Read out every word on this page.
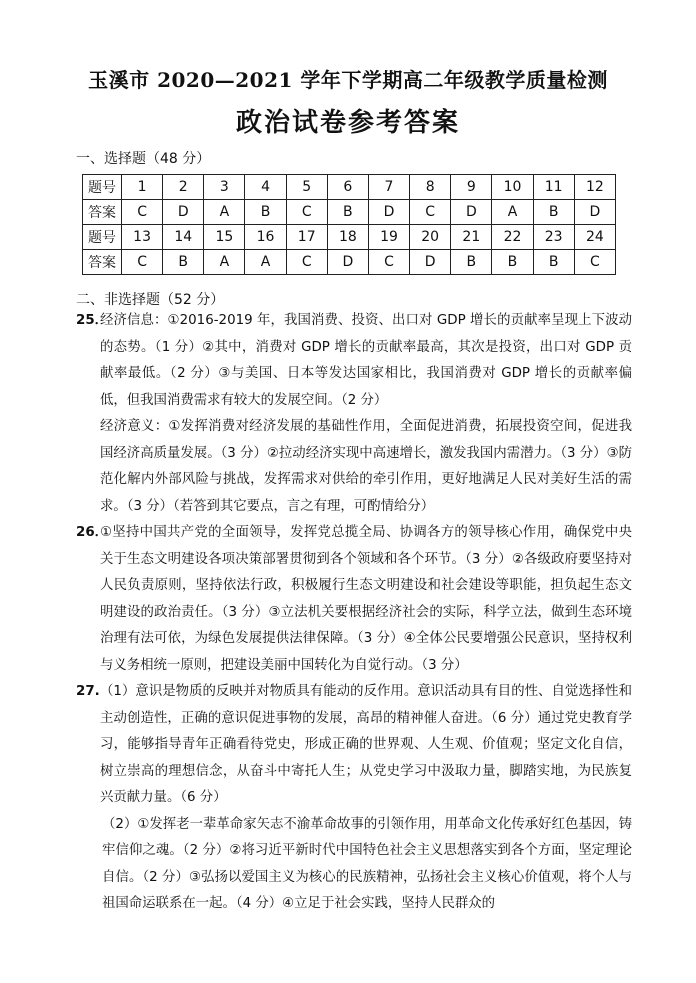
玉溪市 2020—2021 学年下学期高二年级教学质量检测
政治试卷参考答案
一、选择题（48 分）
题号	1	2	3	4	5	6	7	8	9	10	11	12
答案	C	D	A	B	C	B	D	C	D	A	B	D
题号	13	14	15	16	17	18	19	20	21	22	23	24
答案	C	B	A	A	C	D	C	D	B	B	B	C
二、非选择题（52 分）
25．
经济信息：①2016-2019 年，我国消费、投资、出口对 GDP 增长的贡献率呈现上下波动的态势。（1 分）②其中，消费对 GDP 增长的贡献率最高，其次是投资，出口对 GDP 贡献率最低。（2 分）③与美国、日本等发达国家相比，我国消费对 GDP 增长的贡献率偏低，但我国消费需求有较大的发展空间。（2 分）
经济意义：①发挥消费对经济发展的基础性作用，全面促进消费，拓展投资空间，促进我国经济高质量发展。（3 分）②拉动经济实现中高速增长，激发我国内需潜力。（3 分）③防范化解内外部风险与挑战，发挥需求对供给的牵引作用，更好地满足人民对美好生活的需求。（3 分）（若答到其它要点，言之有理，可酌情给分）
26．
①坚持中国共产党的全面领导，发挥党总揽全局、协调各方的领导核心作用，确保党中央关于生态文明建设各项决策部署贯彻到各个领域和各个环节。（3 分）②各级政府要坚持对人民负责原则，坚持依法行政，积极履行生态文明建设和社会建设等职能，担负起生态文明建设的政治责任。（3 分）③立法机关要根据经济社会的实际，科学立法，做到生态环境治理有法可依，为绿色发展提供法律保障。（3 分）④全体公民要增强公民意识，坚持权利与义务相统一原则，把建设美丽中国转化为自觉行动。（3 分）
27. （1）意识是物质的反映并对物质具有能动的反作用。意识活动具有目的性、自觉选择性和主动创造性，正确的意识促进事物的发展，高昂的精神催人奋进。（6 分）通过党史教育学习，能够指导青年正确看待党史，形成正确的世界观、人生观、价值观；坚定文化自信，树立崇高的理想信念，从奋斗中寄托人生；从党史学习中汲取力量，脚踏实地，为民族复兴贡献力量。（6 分）
（2）①发挥老一辈革命家矢志不渝革命故事的引领作用，用革命文化传承好红色基因，铸牢信仰之魂。（2 分）②将习近平新时代中国特色社会主义思想落实到各个方面，坚定理论自信。（2 分）③弘扬以爱国主义为核心的民族精神，弘扬社会主义核心价值观，将个人与祖国命运联系在一起。（4 分）④立足于社会实践，坚持人民群众的
